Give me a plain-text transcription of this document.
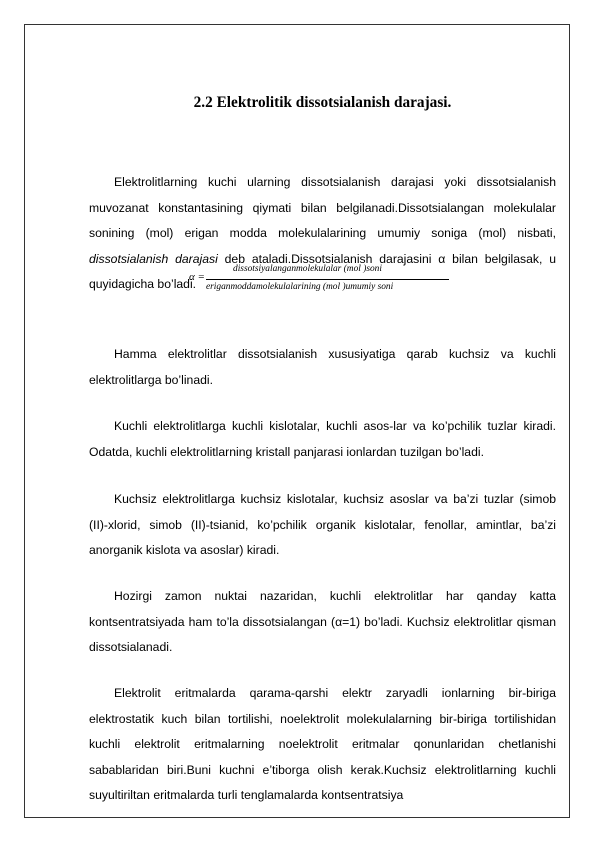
2.2 Elektrolitik dissotsialanish darajasi.

Elektrolitlarning kuchi ularning dissotsialanish darajasi yoki dissotsialanish muvozanat konstantasining qiymati bilan belgilanadi.Dissotsialangan molekulalar sonining (mol) erigan modda molekulalarining umumiy soniga (mol) nisbati, dissotsialanish darajasi deb ataladi.Dissotsialanish darajasini α bilan belgilasak, u quyidagicha bo’ladi.

α =
dissotsiyalanganmolekulalar (mol )soni
eriganmoddamolekulalarining (mol )umumiy soni

Hamma elektrolitlar dissotsialanish xususiyatiga qarab kuchsiz va kuchli elektrolitlarga bo’linadi.

Kuchli elektrolitlarga kuchli kislotalar, kuchli asos-lar va ko’pchilik tuzlar kiradi. Odatda, kuchli elektrolitlarning kristall panjarasi ionlardan tuzilgan bo’ladi.

Kuchsiz elektrolitlarga kuchsiz kislotalar, kuchsiz asoslar va ba’zi tuzlar (simob (II)-xlorid, simob (II)-tsianid, ko’pchilik organik kislotalar, fenollar, amintlar, ba’zi anorganik kislota va asoslar) kiradi.

Hozirgi zamon nuktai nazaridan, kuchli elektrolitlar har qanday katta kontsentratsiyada ham to’la dissotsialangan (α=1) bo’ladi. Kuchsiz elektrolitlar qisman dissotsialanadi.

Elektrolit eritmalarda qarama-qarshi elektr zaryadli ionlarning bir-biriga elektrostatik kuch bilan tortilishi, noelektrolit molekulalarning bir-biriga tortilishidan kuchli elektrolit eritmalarning noelektrolit eritmalar qonunlaridan chetlanishi sabablaridan biri.Buni kuchni e’tiborga olish kerak.Kuchsiz elektrolitlarning kuchli suyultiriltan eritmalarda turli tenglamalarda kontsentratsiya
